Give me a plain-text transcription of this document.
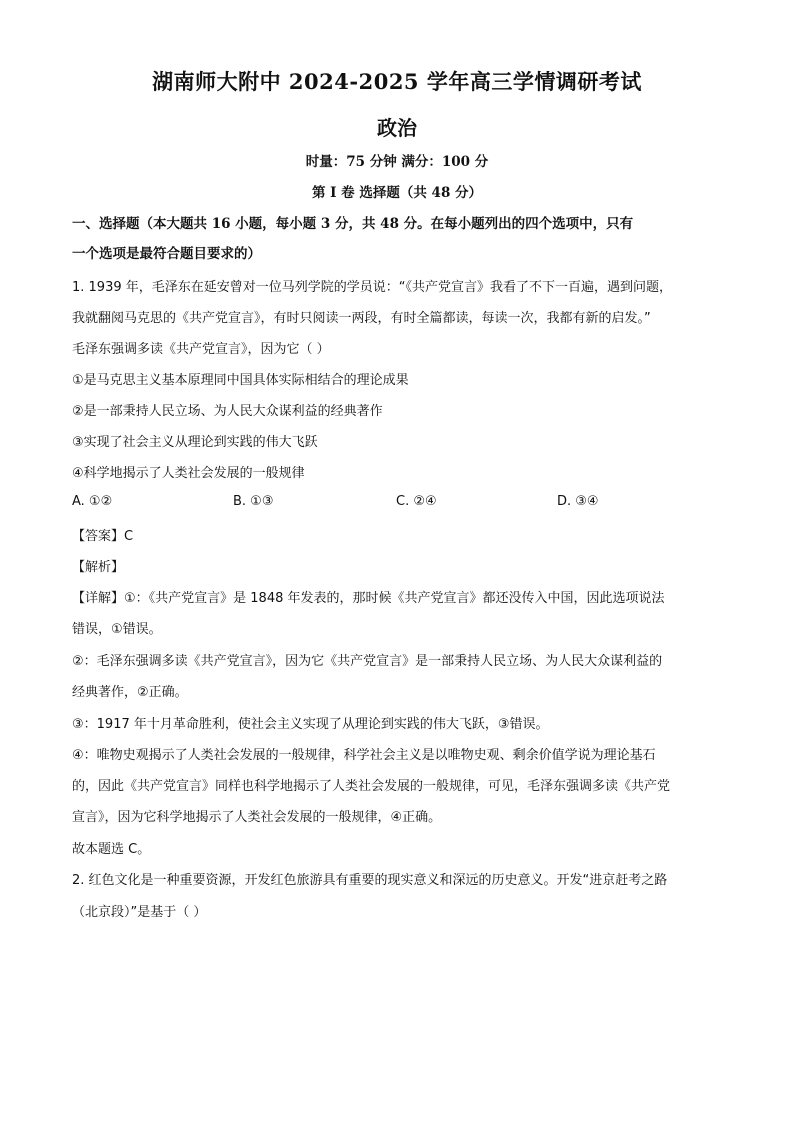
湖南师大附中 2024-2025 学年高三学情调研考试
政治
时量：75 分钟 满分：100 分
第 I 卷 选择题（共 48 分）
一、选择题（本大题共 16 小题，每小题 3 分，共 48 分。在每小题列出的四个选项中，只有
一个选项是最符合题目要求的）
1. 1939 年，毛泽东在延安曾对一位马列学院的学员说：“《共产党宣言》我看了不下一百遍，遇到问题，
我就翻阅马克思的《共产党宣言》，有时只阅读一两段，有时全篇都读，每读一次，我都有新的启发。”
毛泽东强调多读《共产党宣言》，因为它（ ）
①是马克思主义基本原理同中国具体实际相结合的理论成果
②是一部秉持人民立场、为人民大众谋利益的经典著作
③实现了社会主义从理论到实践的伟大飞跃
④科学地揭示了人类社会发展的一般规律
A. ①②	B. ①③	C. ②④	D. ③④
【答案】C
【解析】
【详解】①：《共产党宣言》是 1848 年发表的，那时候《共产党宣言》都还没传入中国，因此选项说法
错误，①错误。
②：毛泽东强调多读《共产党宣言》，因为它《共产党宣言》是一部秉持人民立场、为人民大众谋利益的
经典著作，②正确。
③：1917 年十月革命胜利，使社会主义实现了从理论到实践的伟大飞跃，③错误。
④：唯物史观揭示了人类社会发展的一般规律，科学社会主义是以唯物史观、剩余价值学说为理论基石
的，因此《共产党宣言》同样也科学地揭示了人类社会发展的一般规律，可见，毛泽东强调多读《共产党
宣言》，因为它科学地揭示了人类社会发展的一般规律，④正确。
故本题选 C。
2. 红色文化是一种重要资源，开发红色旅游具有重要的现实意义和深远的历史意义。开发“进京赶考之路
（北京段）”是基于（ ）
